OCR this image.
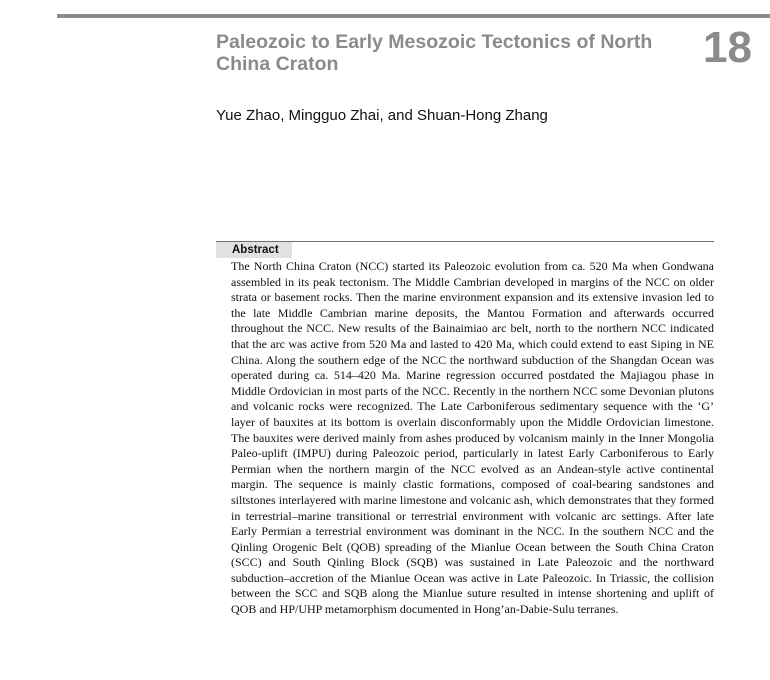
Paleozoic to Early Mesozoic Tectonics of North China Craton	18
Yue Zhao, Mingguo Zhai, and Shuan-Hong Zhang
Abstract

The North China Craton (NCC) started its Paleozoic evolution from ca. 520 Ma when Gondwana assembled in its peak tectonism. The Middle Cambrian developed in margins of the NCC on older strata or basement rocks. Then the marine environment expansion and its extensive invasion led to the late Middle Cambrian marine deposits, the Mantou Formation and afterwards occurred throughout the NCC. New results of the Bainaimiao arc belt, north to the northern NCC indicated that the arc was active from 520 Ma and lasted to 420 Ma, which could extend to east Siping in NE China. Along the southern edge of the NCC the northward subduction of the Shangdan Ocean was operated during ca. 514–420 Ma. Marine regression occurred postdated the Majiagou phase in Middle Ordovician in most parts of the NCC. Recently in the northern NCC some Devonian plutons and volcanic rocks were recognized. The Late Carboniferous sedimentary sequence with the ‘G’ layer of bauxites at its bottom is overlain disconformably upon the Middle Ordovician limestone. The bauxites were derived mainly from ashes produced by volcanism mainly in the Inner Mongolia Paleo-uplift (IMPU) during Paleozoic period, particularly in latest Early Carboniferous to Early Permian when the northern margin of the NCC evolved as an Andean-style active continental margin. The sequence is mainly clastic formations, composed of coal-bearing sandstones and siltstones interlayered with marine limestone and volcanic ash, which demonstrates that they formed in terrestrial–marine transitional or terrestrial environment with volcanic arc settings. After late Early Permian a terrestrial environment was dominant in the NCC. In the southern NCC and the Qinling Orogenic Belt (QOB) spreading of the Mianlue Ocean between the South China Craton (SCC) and South Qinling Block (SQB) was sustained in Late Paleozoic and the northward subduction–accretion of the Mianlue Ocean was active in Late Paleozoic. In Triassic, the collision between the SCC and SQB along the Mianlue suture resulted in intense shortening and uplift of QOB and HP/UHP metamorphism documented in Hong’an-Dabie-Sulu terranes.
